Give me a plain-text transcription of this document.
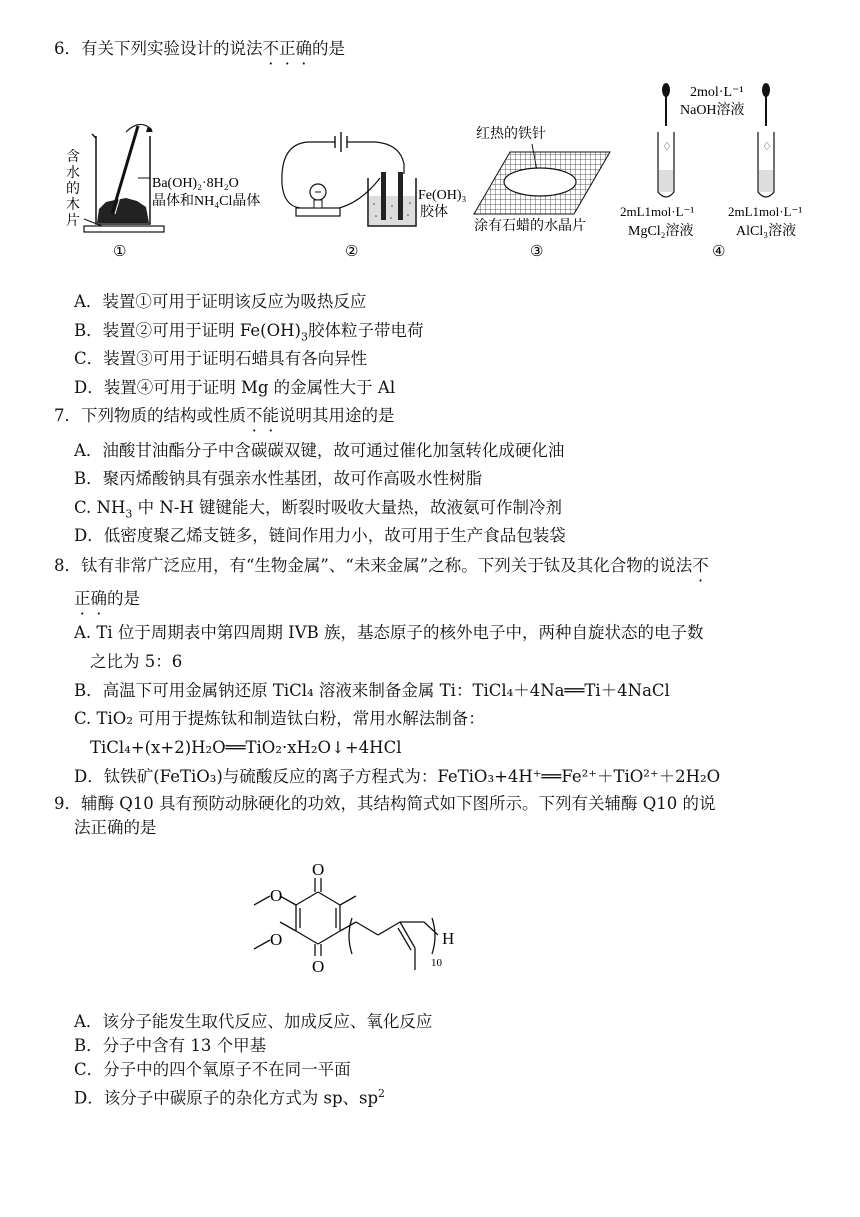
6．有关下列实验设计的说法不正确的是
含
水
的
木
片
Ba(OH)₂·8H₂O
晶体和NH₄Cl晶体
①
Fe(OH)₃
胶体
②
红热的铁针
涂有石蜡的水晶片
③
2mol·L⁻¹
NaOH溶液
♢	♢
2mL1mol·L⁻¹
MgCl₂溶液
2mL1mol·L⁻¹
AlCl₃溶液
④
A．装置①可用于证明该反应为吸热反应
B．装置②可用于证明 $Fe(OH)_3$胶体粒子带电荷
C．装置③可用于证明石蜡具有各向异性
D．装置④可用于证明 Mg 的金属性大于 Al
7．下列物质的结构或性质不能说明其用途的是
A．油酸甘油酯分子中含碳碳双键，故可通过催化加氢转化成硬化油
B．聚丙烯酸钠具有强亲水性基团，故可作高吸水性树脂
C. $NH_3$ 中 N-H 键键能大，断裂时吸收大量热，故液氨可作制冷剂
D．低密度聚乙烯支链多，链间作用力小，故可用于生产食品包装袋
8．钛有非常广泛应用，有“生物金属”、“未来金属”之称。下列关于钛及其化合物的说法不
正确的是
A. Ti 位于周期表中第四周期 IVB 族，基态原子的核外电子中，两种自旋状态的电子数
之比为 5：6
B．高温下可用金属钠还原 TiCl₄ 溶液来制备金属 Ti：TiCl₄＋4Na══Ti＋4NaCl
C. TiO₂ 可用于提炼钛和制造钛白粉，常用水解法制备：
TiCl₄+(x+2)H₂O══TiO₂·xH₂O↓+4HCl
D．钛铁矿(FeTiO₃)与硫酸反应的离子方程式为：FeTiO₃+4H⁺══Fe²⁺＋TiO²⁺＋2H₂O
9．辅酶 Q10 具有预防动脉硬化的功效，其结构简式如下图所示。下列有关辅酶 Q10 的说
法正确的是
O
O
O
O	H
10
A．该分子能发生取代反应、加成反应、氧化反应
B．分子中含有 13 个甲基
C．分子中的四个氧原子不在同一平面
D．该分子中碳原子的杂化方式为 sp、$sp^2$
